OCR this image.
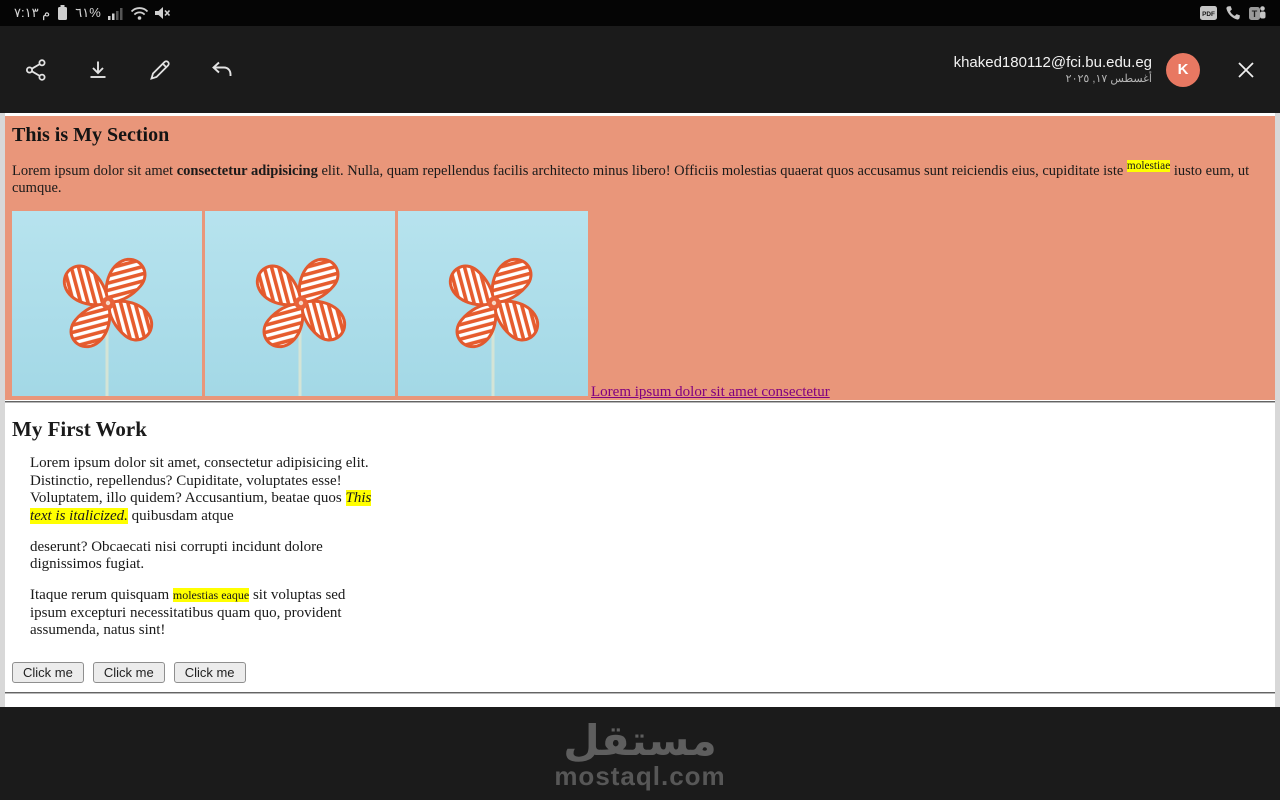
م ٧:١٣ %٦١	PDF	T
khaked180112@fci.bu.edu.eg
أغسطس ١٧, ٢٠٢٥
K
This is My Section

Lorem ipsum dolor sit amet consectetur adipisicing elit. Nulla, quam repellendus facilis architecto minus libero! Officiis molestias quaerat quos accusamus sunt reiciendis eius, cupiditate iste $^{molestiae}$ iusto eum, ut cumque.

Lorem ipsum dolor sit amet consectetur
My First Work

Lorem ipsum dolor sit amet, consectetur adipisicing elit. Distinctio, repellendus? Cupiditate, voluptates esse! Voluptatem, illo quidem? Accusantium, beatae quos This text is italicized. quibusdam atque

deserunt? Obcaecati nisi corrupti incidunt dolore dignissimos fugiat.

Itaque rerum quisquam molestias eaque sit voluptas sed ipsum excepturi necessitatibus quam quo, provident assumenda, natus sint!

Click me Click me Click me

مستقل
mostaql.com
